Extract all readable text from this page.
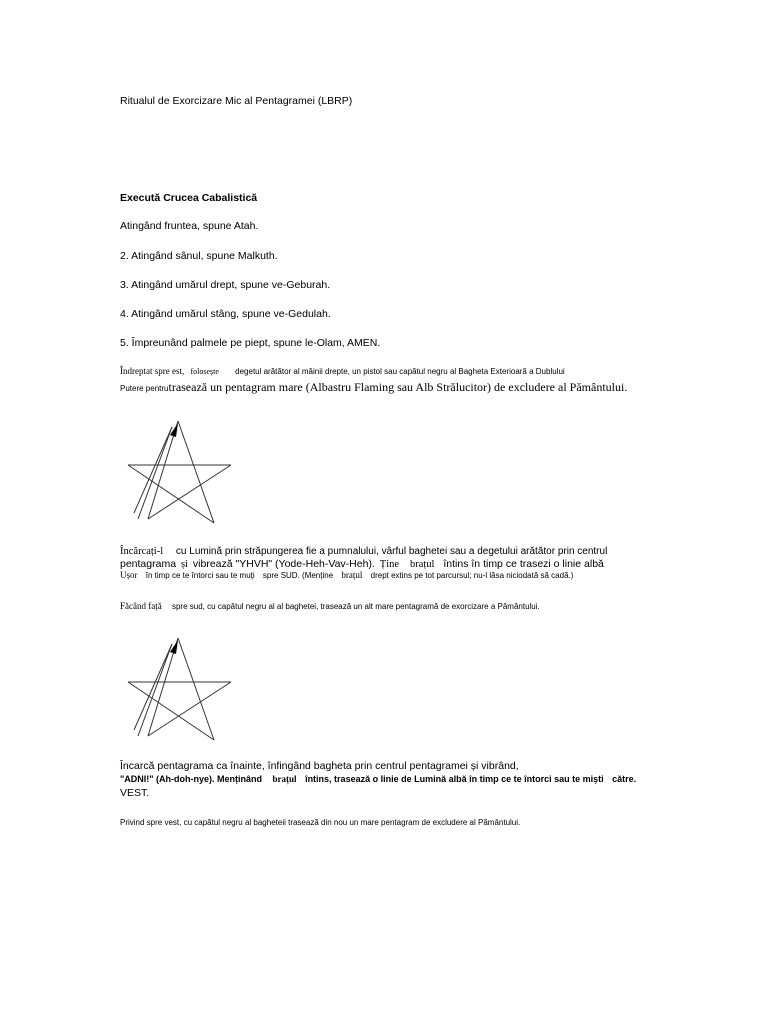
Ritualul de Exorcizare Mic al Pentagramei (LBRP)
Execută Crucea Cabalistică
Atingând fruntea, spune Atah.
2. Atingând sânul, spune Malkuth.
3. Atingând umărul drept, spune ve-Geburah.
4. Atingând umărul stâng, spune ve-Gedulah.
5. Împreunând palmele pe piept, spune le-Olam, AMEN.
Îndreptat spre est, folosește degetul arătător al mâinii drepte, un pistol sau capătul negru al Bagheta Exterioară a Dublului
Putere pentrutrasează un pentagram mare (Albastru Flaming sau Alb Strălucitor) de excludere al Pământului.
Încărcați-l cu Lumină prin străpungerea fie a pumnalului, vârful baghetei sau a degetului arătător prin centrul
pentagrama și vibrează "YHVH" (Yode-Heh-Vav-Heh). Ține brațul întins în timp ce trasezi o linie albă
Ușor în timp ce te întorci sau te muți spre SUD. (Menține brațul drept extins pe tot parcursul; nu-l lăsa niciodată să cadă.)
Făcând față spre sud, cu capătul negru al al baghetei, trasează un alt mare pentagramă de exorcizare a Pământului.
Încarcă pentagrama ca înainte, înfingând bagheta prin centrul pentagramei și vibrând,
"ADNI!" (Ah-doh-nye). Menținând brațul întins, trasează o linie de Lumină albă în timp ce te întorci sau te miști către.
VEST.
Privind spre vest, cu capătul negru al bagheteii trasează din nou un mare pentagram de excludere al Pământului.
